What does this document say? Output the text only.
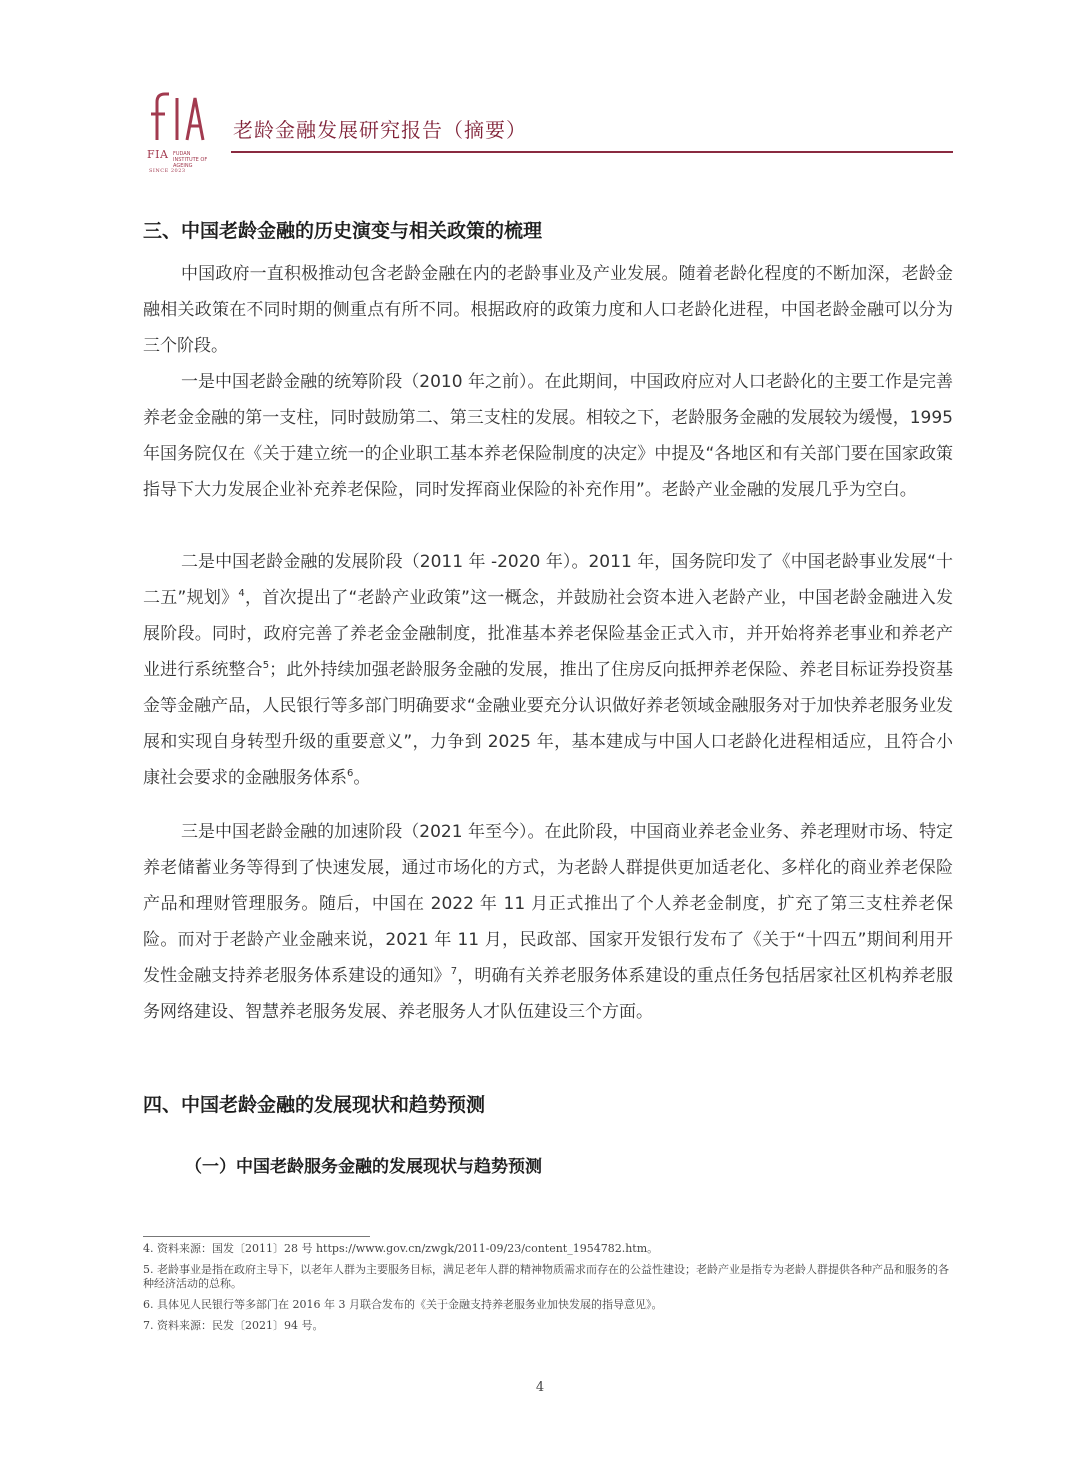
FIA FUDAN INSTITUTE OF AGEING
SINCE 2023
老龄金融发展研究报告（摘要）
三、中国老龄金融的历史演变与相关政策的梳理

中国政府一直积极推动包含老龄金融在内的老龄事业及产业发展。随着老龄化程度的不断加深，老龄金融相关政策在不同时期的侧重点有所不同。根据政府的政策力度和人口老龄化进程，中国老龄金融可以分为三个阶段。

一是中国老龄金融的统筹阶段（2010 年之前）。在此期间，中国政府应对人口老龄化的主要工作是完善养老金金融的第一支柱，同时鼓励第二、第三支柱的发展。相较之下，老龄服务金融的发展较为缓慢，1995 年国务院仅在《关于建立统一的企业职工基本养老保险制度的决定》中提及“各地区和有关部门要在国家政策指导下大力发展企业补充养老保险，同时发挥商业保险的补充作用”。老龄产业金融的发展几乎为空白。

二是中国老龄金融的发展阶段（2011 年 -2020 年）。2011 年，国务院印发了《中国老龄事业发展“十二五”规划》$^4$，首次提出了“老龄产业政策”这一概念，并鼓励社会资本进入老龄产业，中国老龄金融进入发展阶段。同时，政府完善了养老金金融制度，批准基本养老保险基金正式入市，并开始将养老事业和养老产业进行系统整合$^5$；此外持续加强老龄服务金融的发展，推出了住房反向抵押养老保险、养老目标证券投资基金等金融产品，人民银行等多部门明确要求“金融业要充分认识做好养老领域金融服务对于加快养老服务业发展和实现自身转型升级的重要意义”，力争到 2025 年，基本建成与中国人口老龄化进程相适应，且符合小康社会要求的金融服务体系$^6$。

三是中国老龄金融的加速阶段（2021 年至今）。在此阶段，中国商业养老金业务、养老理财市场、特定养老储蓄业务等得到了快速发展，通过市场化的方式，为老龄人群提供更加适老化、多样化的商业养老保险产品和理财管理服务。随后，中国在 2022 年 11 月正式推出了个人养老金制度，扩充了第三支柱养老保险。而对于老龄产业金融来说，2021 年 11 月，民政部、国家开发银行发布了《关于“十四五”期间利用开发性金融支持养老服务体系建设的通知》$^7$，明确有关养老服务体系建设的重点任务包括居家社区机构养老服务网络建设、智慧养老服务发展、养老服务人才队伍建设三个方面。

四、中国老龄金融的发展现状和趋势预测
（一）中国老龄服务金融的发展现状与趋势预测
4. 资料来源：国发〔2011〕28 号 https://www.gov.cn/zwgk/2011-09/23/content_1954782.htm。
5. 老龄事业是指在政府主导下，以老年人群为主要服务目标，满足老年人群的精神物质需求而存在的公益性建设；老龄产业是指专为老龄人群提供各种产品和服务的各种经济活动的总称。
6. 具体见人民银行等多部门在 2016 年 3 月联合发布的《关于金融支持养老服务业加快发展的指导意见》。
7. 资料来源：民发〔2021〕94 号。
4
